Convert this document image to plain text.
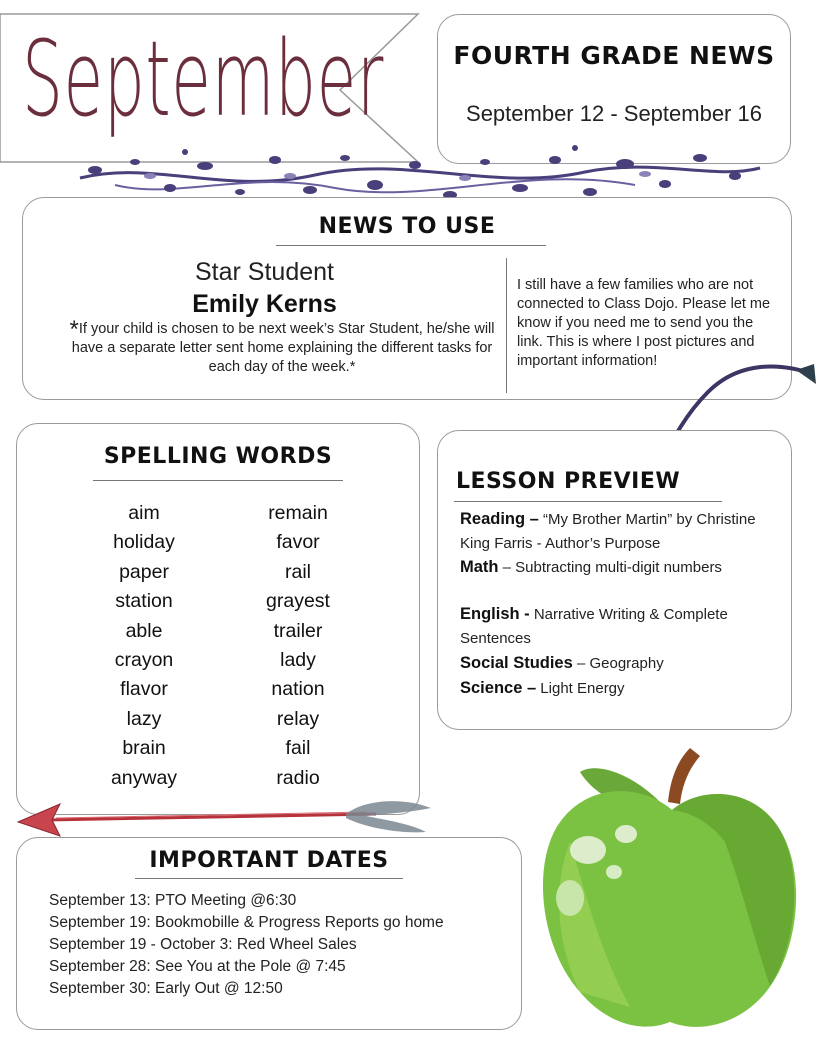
September	FOURTH GRADE NEWS
September 12 - September 16
NEWS TO USE
Star Student
Emily Kerns
*If your child is chosen to be next week’s Star Student, he/she will have a separate letter sent home explaining the different tasks for each day of the week.*
I still have a few families who are not connected to Class Dojo. Please let me know if you need me to send you the link. This is where I post pictures and important information!
SPELLING WORDS
aim
holiday
paper
station
able
crayon
flavor
lazy
brain
anyway
remain
favor
rail
grayest
trailer
lady
nation
relay
fail
radio
LESSON PREVIEW
Reading – “My Brother Martin” by Christine King Farris - Author’s Purpose
Math – Subtracting multi-digit numbers
English - Narrative Writing & Complete Sentences
Social Studies – Geography
Science – Light Energy
IMPORTANT DATES
September 13: PTO Meeting @6:30
September 19: Bookmobille & Progress Reports go home
September 19 - October 3: Red Wheel Sales
September 28: See You at the Pole @ 7:45
September 30: Early Out @ 12:50
